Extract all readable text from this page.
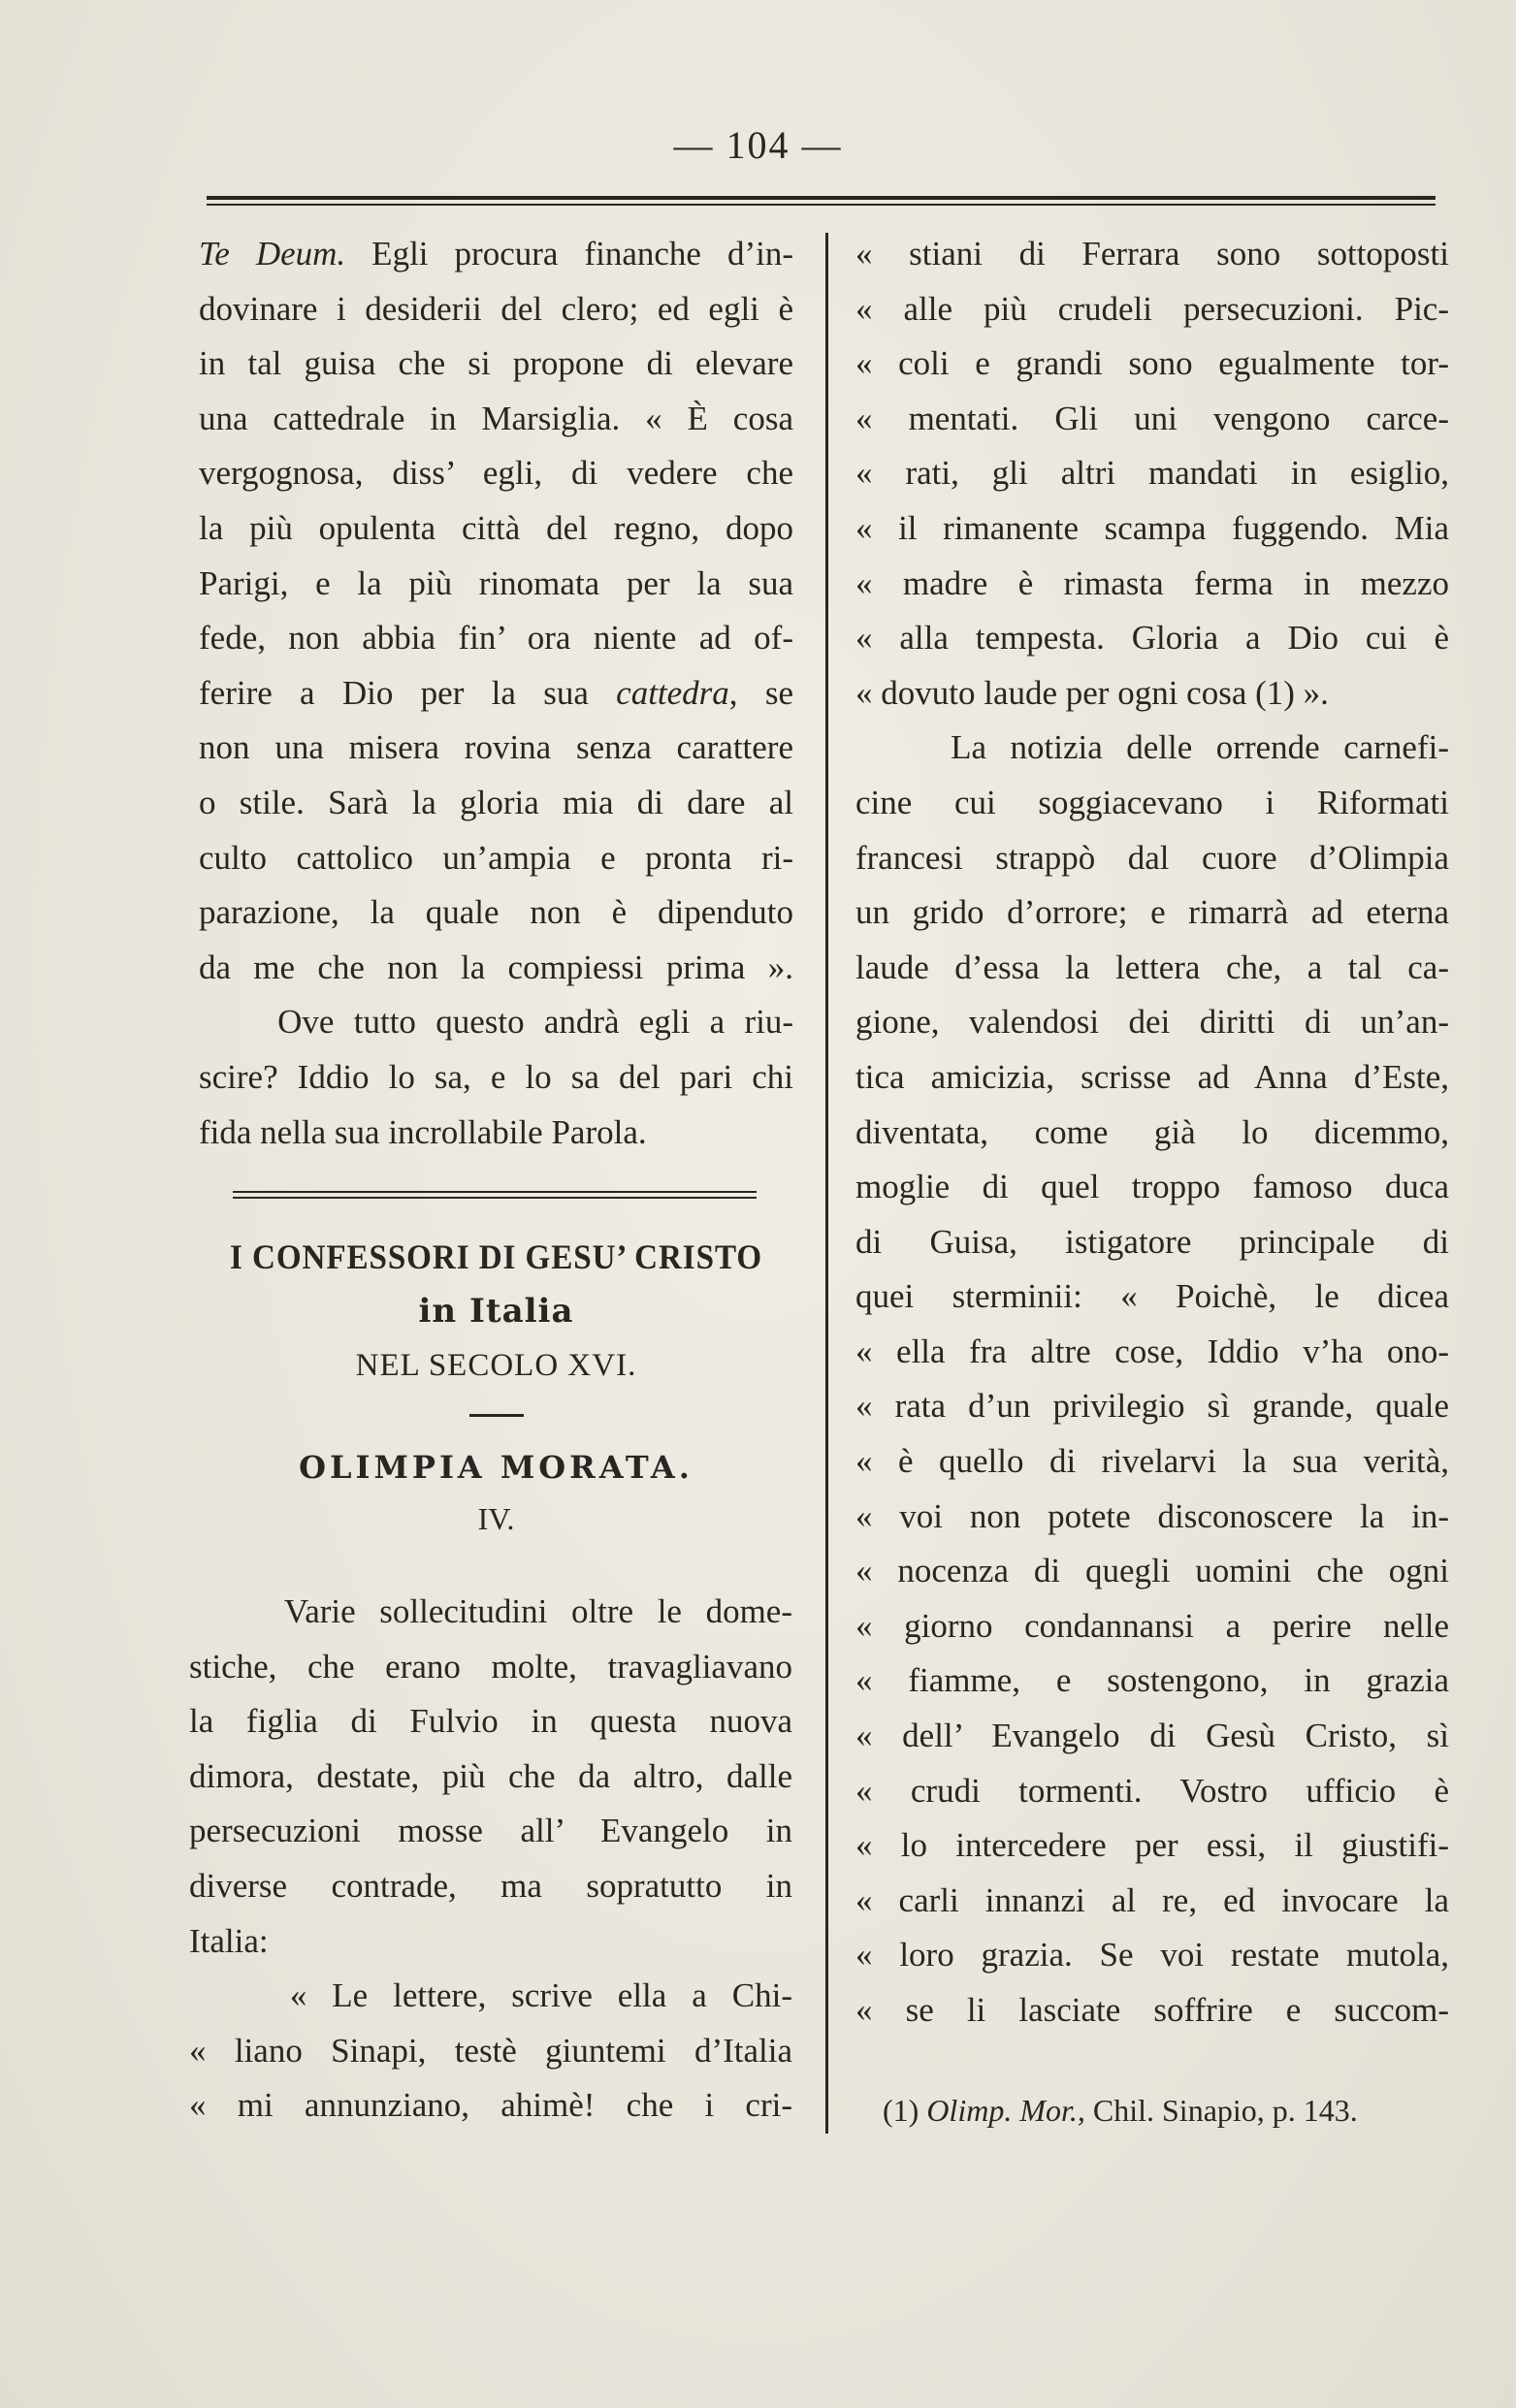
— 104 —
Te Deum. Egli procura finanche d’in-
dovinare i desiderii del clero; ed egli è
in tal guisa che si propone di elevare
una cattedrale in Marsiglia. « È cosa
vergognosa, diss’ egli, di vedere che
la più opulenta città del regno, dopo
Parigi, e la più rinomata per la sua
fede, non abbia fin’ ora niente ad of-
ferire a Dio per la sua cattedra, se
non una misera rovina senza carattere
o stile. Sarà la gloria mia di dare al
culto cattolico un’ampia e pronta ri-
parazione, la quale non è dipenduto
da me che non la compiessi prima ».
Ove tutto questo andrà egli a riu-
scire? Iddio lo sa, e lo sa del pari chi
fida nella sua incrollabile Parola.
I CONFESSORI DI GESU’ CRISTO
in Italia
NEL SECOLO XVI.
OLIMPIA MORATA.
IV.
Varie sollecitudini oltre le dome-
stiche, che erano molte, travagliavano
la figlia di Fulvio in questa nuova
dimora, destate, più che da altro, dalle
persecuzioni mosse all’ Evangelo in
diverse contrade, ma sopratutto in
Italia:
« Le lettere, scrive ella a Chi-
« liano Sinapi, testè giuntemi d’Italia
« mi annunziano, ahimè! che i cri-
« stiani di Ferrara sono sottoposti
« alle più crudeli persecuzioni. Pic-
« coli e grandi sono egualmente tor-
« mentati. Gli uni vengono carce-
« rati, gli altri mandati in esiglio,
« il rimanente scampa fuggendo. Mia
« madre è rimasta ferma in mezzo
« alla tempesta. Gloria a Dio cui è
« dovuto laude per ogni cosa (1) ».
La notizia delle orrende carnefi-
cine cui soggiacevano i Riformati
francesi strappò dal cuore d’Olimpia
un grido d’orrore; e rimarrà ad eterna
laude d’essa la lettera che, a tal ca-
gione, valendosi dei diritti di un’an-
tica amicizia, scrisse ad Anna d’Este,
diventata, come già lo dicemmo,
moglie di quel troppo famoso duca
di Guisa, istigatore principale di
quei sterminii: « Poichè, le dicea
« ella fra altre cose, Iddio v’ha ono-
« rata d’un privilegio sì grande, quale
« è quello di rivelarvi la sua verità,
« voi non potete disconoscere la in-
« nocenza di quegli uomini che ogni
« giorno condannansi a perire nelle
« fiamme, e sostengono, in grazia
« dell’ Evangelo di Gesù Cristo, sì
« crudi tormenti. Vostro ufficio è
« lo intercedere per essi, il giustifi-
« carli innanzi al re, ed invocare la
« loro grazia. Se voi restate mutola,
« se li lasciate soffrire e succom-
(1) Olimp. Mor., Chil. Sinapio, p. 143.
